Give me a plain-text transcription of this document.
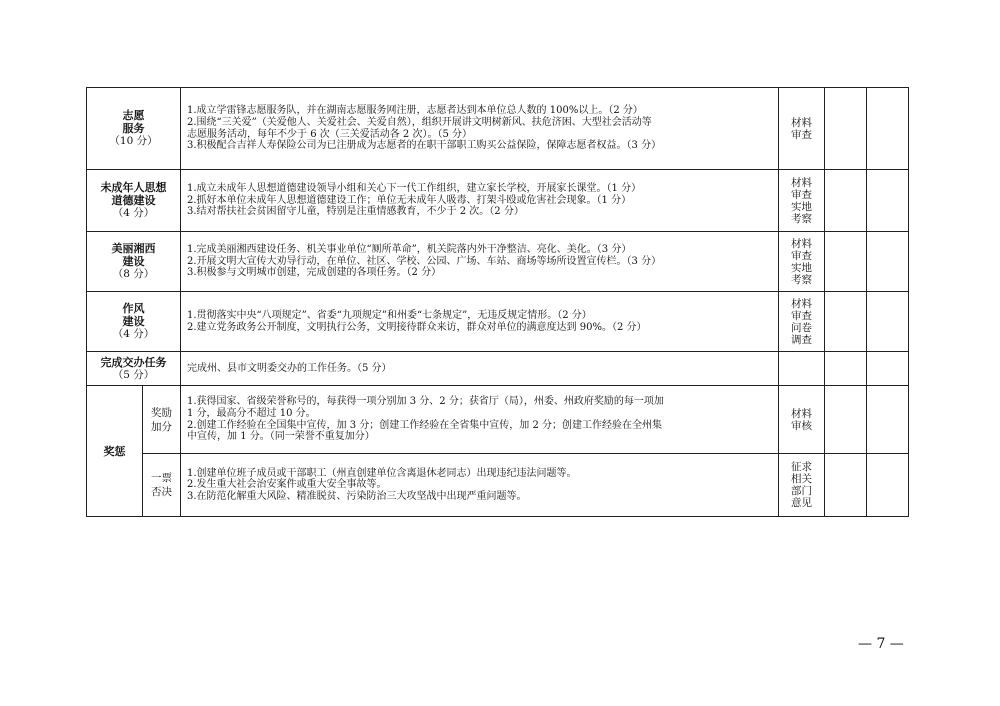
志愿
服务
（10 分）		1.成立学雷锋志愿服务队，并在湖南志愿服务网注册，志愿者达到本单位总人数的 100%以上。（2 分）
2.围绕“三关爱”（关爱他人、关爱社会、关爱自然），组织开展讲文明树新风、扶危济困、大型社会活动等
志愿服务活动，每年不少于 6 次（三关爱活动各 2 次）。（5 分）
3.积极配合吉祥人寿保险公司为已注册成为志愿者的在职干部职工购买公益保险，保障志愿者权益。（3 分）	材料
审查		

未成年人思想
道德建设
（4 分）		1.成立未成年人思想道德建设领导小组和关心下一代工作组织，建立家长学校，开展家长课堂。（1 分）
2.抓好本单位未成年人思想道德建设工作；单位无未成年人吸毒、打架斗殴或危害社会现象。（1 分）
3.结对帮扶社会贫困留守儿童，特别是注重情感教育，不少于 2 次。（2 分）	材料
审查
实地
考察		

美丽湘西
建设
（8 分）		1.完成美丽湘西建设任务、机关事业单位“厕所革命”，机关院落内外干净整洁、亮化、美化。（3 分）
2.开展文明大宣传大劝导行动，在单位、社区、学校、公园、广场、车站、商场等场所设置宣传栏。（3 分）
3.积极参与文明城市创建，完成创建的各项任务。（2 分）	材料
审查
实地
考察		

作风
建设
（4 分）		1.贯彻落实中央“八项规定”、省委“九项规定”和州委“七条规定”，无违反规定情形。（2 分）
2.建立党务政务公开制度，文明执行公务，文明接待群众来访，群众对单位的满意度达到 90%。（2 分）	材料
审查
问卷
调查		

完成交办任务
（5 分）		完成州、县市文明委交办的工作任务。（5 分）			

奖惩	奖励
加分	1.获得国家、省级荣誉称号的，每获得一项分别加 3 分、2 分；获省厅（局），州委、州政府奖励的每一项加
1 分，最高分不超过 10 分。
2.创建工作经验在全国集中宣传，加 3 分；创建工作经验在全省集中宣传，加 2 分；创建工作经验在全州集
中宣传，加 1 分。（同一荣誉不重复加分）	材料
审核		

	一票
否决	1.创建单位班子成员或干部职工（州直创建单位含离退休老同志）出现违纪违法问题等。
2.发生重大社会治安案件或重大安全事故等。
3.在防范化解重大风险、精准脱贫、污染防治三大攻坚战中出现严重问题等。	征求
相关
部门
意见		

— 7 —
